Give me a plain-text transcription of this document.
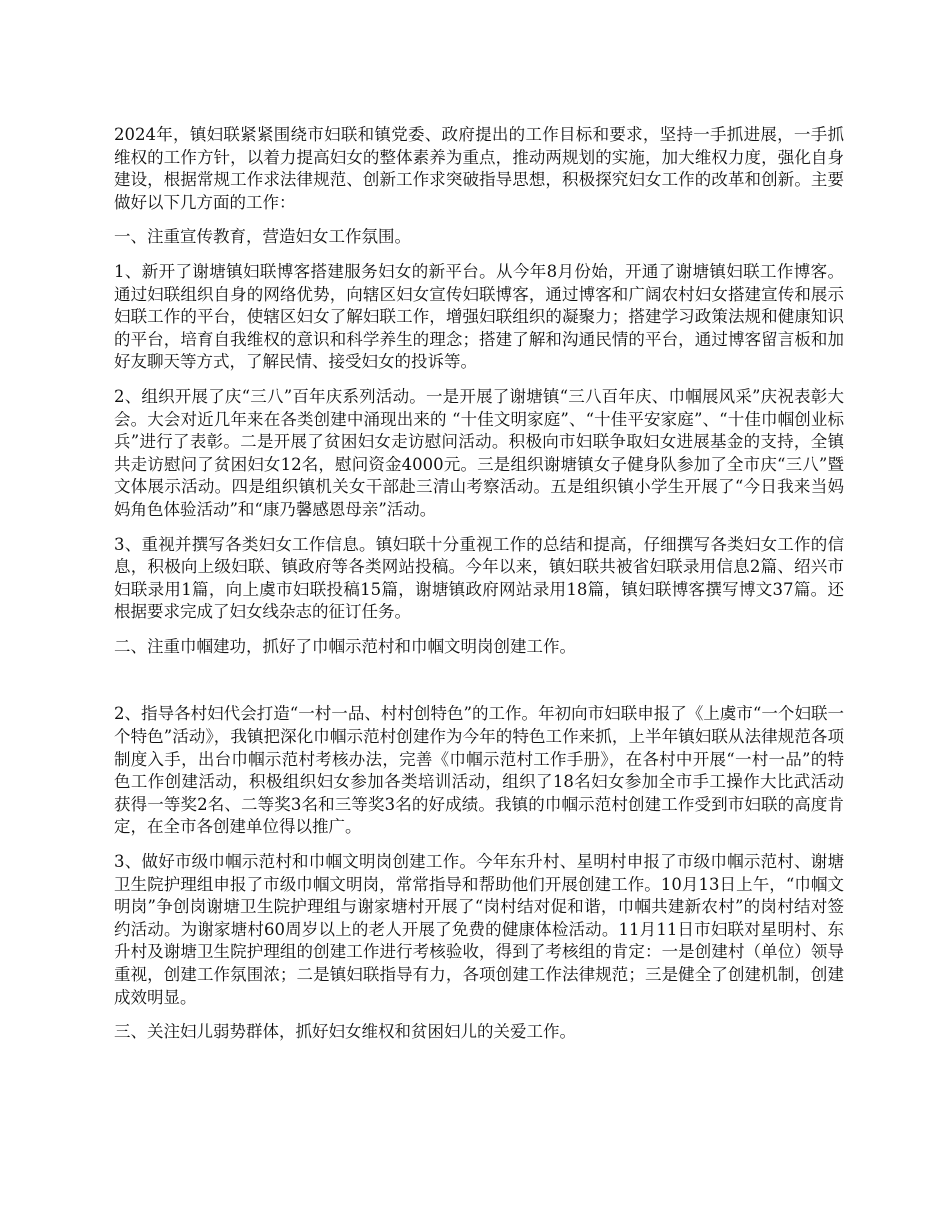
2024年，镇妇联紧紧围绕市妇联和镇党委、政府提出的工作目标和要求，坚持一手抓进展，一手抓维权的工作方针，以着力提高妇女的整体素养为重点，推动两规划的实施，加大维权力度，强化自身建设，根据常规工作求法律规范、创新工作求突破指导思想，积极探究妇女工作的改革和创新。主要做好以下几方面的工作：

一、注重宣传教育，营造妇女工作氛围。

1、新开了谢塘镇妇联博客搭建服务妇女的新平台。从今年8月份始，开通了谢塘镇妇联工作博客。通过妇联组织自身的网络优势，向辖区妇女宣传妇联博客，通过博客和广阔农村妇女搭建宣传和展示妇联工作的平台，使辖区妇女了解妇联工作，增强妇联组织的凝聚力；搭建学习政策法规和健康知识的平台，培育自我维权的意识和科学养生的理念；搭建了解和沟通民情的平台，通过博客留言板和加好友聊天等方式，了解民情、接受妇女的投诉等。

2、组织开展了庆“三八”百年庆系列活动。一是开展了谢塘镇“三八百年庆、巾帼展风采”庆祝表彰大会。大会对近几年来在各类创建中涌现出来的 “十佳文明家庭”、“十佳平安家庭”、“十佳巾帼创业标兵”进行了表彰。二是开展了贫困妇女走访慰问活动。积极向市妇联争取妇女进展基金的支持，全镇共走访慰问了贫困妇女12名，慰问资金4000元。三是组织谢塘镇女子健身队参加了全市庆“三八”暨文体展示活动。四是组织镇机关女干部赴三清山考察活动。五是组织镇小学生开展了“今日我来当妈妈角色体验活动”和“康乃馨感恩母亲”活动。

3、重视并撰写各类妇女工作信息。镇妇联十分重视工作的总结和提高，仔细撰写各类妇女工作的信息，积极向上级妇联、镇政府等各类网站投稿。今年以来，镇妇联共被省妇联录用信息2篇、绍兴市妇联录用1篇，向上虞市妇联投稿15篇，谢塘镇政府网站录用18篇，镇妇联博客撰写博文37篇。还根据要求完成了妇女线杂志的征订任务。

二、注重巾帼建功，抓好了巾帼示范村和巾帼文明岗创建工作。

2、指导各村妇代会打造“一村一品、村村创特色”的工作。年初向市妇联申报了《上虞市“一个妇联一个特色”活动》，我镇把深化巾帼示范村创建作为今年的特色工作来抓，上半年镇妇联从法律规范各项制度入手，出台巾帼示范村考核办法，完善《巾帼示范村工作手册》，在各村中开展“一村一品”的特色工作创建活动，积极组织妇女参加各类培训活动，组织了18名妇女参加全市手工操作大比武活动获得一等奖2名、二等奖3名和三等奖3名的好成绩。我镇的巾帼示范村创建工作受到市妇联的高度肯定，在全市各创建单位得以推广。

3、做好市级巾帼示范村和巾帼文明岗创建工作。今年东升村、星明村申报了市级巾帼示范村、谢塘卫生院护理组申报了市级巾帼文明岗，常常指导和帮助他们开展创建工作。10月13日上午，“巾帼文明岗”争创岗谢塘卫生院护理组与谢家塘村开展了“岗村结对促和谐，巾帼共建新农村”的岗村结对签约活动。为谢家塘村60周岁以上的老人开展了免费的健康体检活动。11月11日市妇联对星明村、东升村及谢塘卫生院护理组的创建工作进行考核验收，得到了考核组的肯定：一是创建村（单位）领导重视，创建工作氛围浓；二是镇妇联指导有力，各项创建工作法律规范；三是健全了创建机制，创建成效明显。

三、关注妇儿弱势群体，抓好妇女维权和贫困妇儿的关爱工作。
